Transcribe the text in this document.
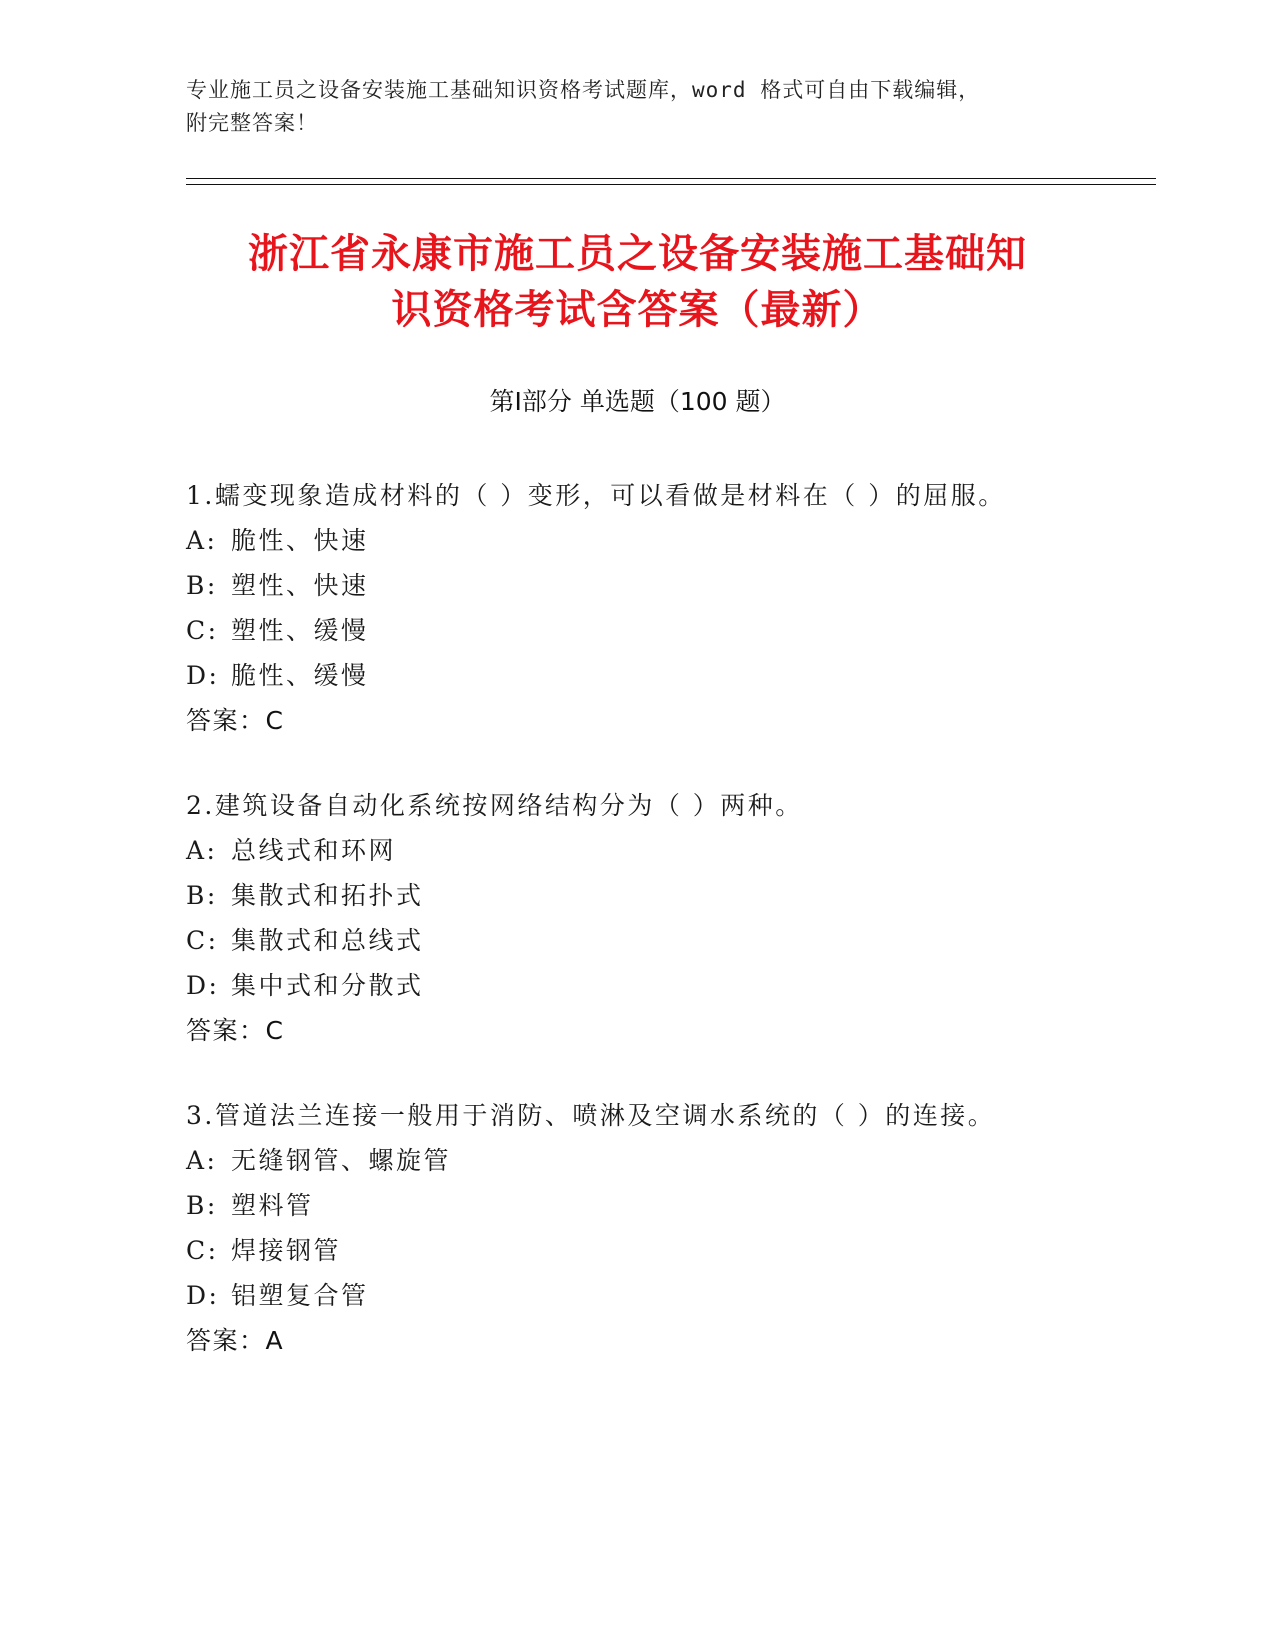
专业施工员之设备安装施工基础知识资格考试题库，word 格式可自由下载编辑，
附完整答案！
浙江省永康市施工员之设备安装施工基础知
识资格考试含答案（最新）
第Ⅰ部分 单选题（100 题）
1.蠕变现象造成材料的（ ）变形，可以看做是材料在（ ）的屈服。
A: 脆性、快速
B: 塑性、快速
C: 塑性、缓慢
D: 脆性、缓慢
答案：C
2.建筑设备自动化系统按网络结构分为（ ）两种。
A: 总线式和环网
B: 集散式和拓扑式
C: 集散式和总线式
D: 集中式和分散式
答案：C
3.管道法兰连接一般用于消防、喷淋及空调水系统的（ ）的连接。
A: 无缝钢管、螺旋管
B: 塑料管
C: 焊接钢管
D: 铝塑复合管
答案：A
